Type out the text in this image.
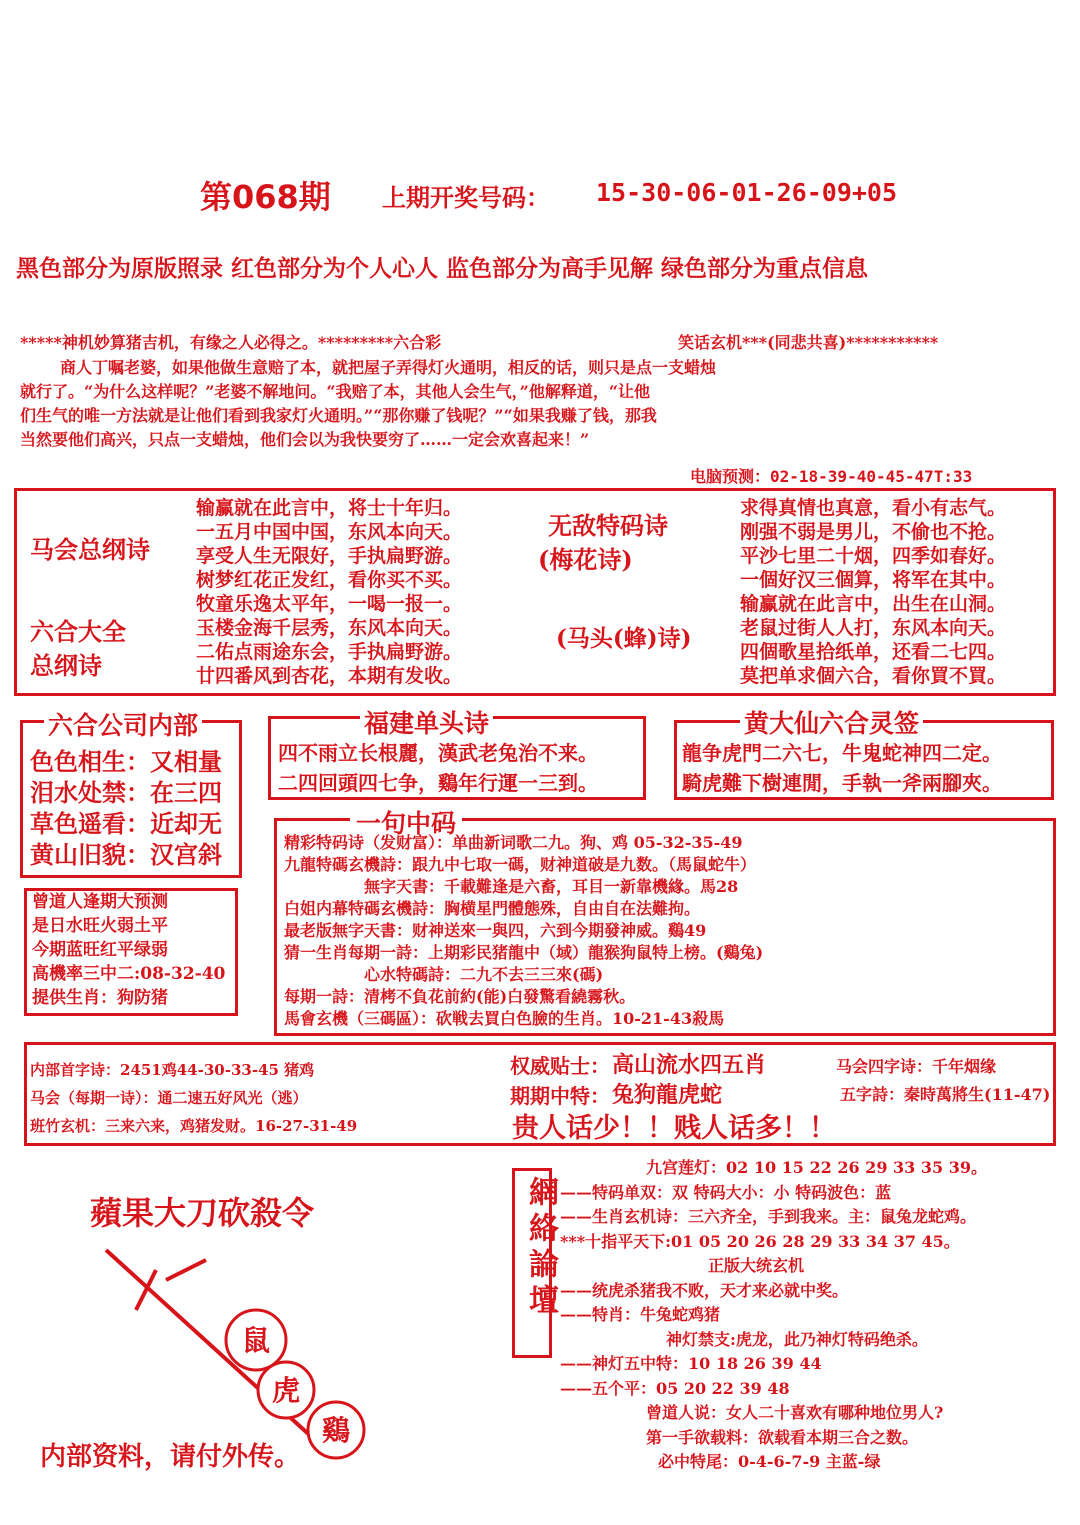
第068期 上期开奖号码： 15-30-06-01-26-09+05
黑色部分为原版照录 红色部分为个人心人 监色部分为高手见解 绿色部分为重点信息
*****神机妙算猪吉机，有缘之人必得之。*********六合彩	笑话玄机***(同悲共喜)***********
商人丁嘱老婆，如果他做生意赔了本，就把屋子弄得灯火通明，相反的话，则只是点一支蜡烛
就行了。“为什么这样呢？”老婆不解地问。“我赔了本，其他人会生气，”他解释道，“让他
们生气的唯一方法就是让他们看到我家灯火通明。”“那你赚了钱呢？”“如果我赚了钱，那我
当然要他们高兴，只点一支蜡烛，他们会以为我快要穷了……一定会欢喜起来！”
电脑预测：02-18-39-40-45-47T:33
马会总纲诗
六合大全
总纲诗
输赢就在此言中，将士十年归。
一五月中国中国，东风本向天。
享受人生无限好，手执扁野游。
树梦红花正发红，看你买不买。
牧童乐逸太平年，一喝一报一。
玉楼金海千层秀，东风本向天。
二佑点雨途东会，手执扁野游。
廿四番风到杏花，本期有发收。
无敌特码诗
(梅花诗)
(马头(蜂)诗)
求得真情也真意，看小有志气。
刚强不弱是男儿，不偷也不抢。
平沙七里二十烟，四季如春好。
一個好汉三個算，将军在其中。
输赢就在此言中，出生在山洞。
老鼠过街人人打，东风本向天。
四個歌星拾纸单，还看二七四。
莫把单求個六合，看你買不買。
六合公司内部
色色相生：又相量
泪水处禁：在三四
草色遥看：近却无
黄山旧貌：汉宫斜
福建单头诗
四不雨立长根麗，漢武老兔治不来。
二四回頭四七争，鷄年行運一三到。
黄大仙六合灵签
龍争虎門二六七，牛鬼蛇神四二定。
騎虎難下樹連閒，手執一斧兩腳夾。
曾道人逢期大预测
是日水旺火弱土平
今期蓝旺红平绿弱
高機率三中二:08-32-40
提供生肖：狗防猪
一句中码
精彩特码诗（发财富）：单曲新词歌二九。狗、鸡 05-32-35-49
九龍特碼玄機詩：跟九中七取一碼，财神道破是九数。（馬鼠蛇牛）
無字天書：千載難逢是六畜，耳目一新靠機緣。馬28
白姐内幕特碼玄機詩：胸横星門體態殊，自由自在法難拘。
最老版無字天書：财神送來一與四，六到今期發神威。鷄49
猜一生肖每期一詩：上期彩民猪龍中（域）龍猴狗鼠特上榜。(鷄兔)
心水特碼詩：二九不去三三來(碼)
每期一詩：清栲不負花前約(能)白發驚看繞霧秋。
馬會玄機（三碼區）：砍戦去買白色臉的生肖。10-21-43殺馬
内部首字诗：2451鸡44-30-33-45 猪鸡
马会（每期一诗）：通二速五好风光（逃）
班竹玄机：三来六来，鸡猪发财。16-27-31-49
权威贴士： 高山流水四五肖	马会四字诗：千年烟缘
期期中特： 兔狗龍虎蛇	五字詩：秦時萬將生(11-47)
贵人话少！！贱人话多！！
蘋果大刀砍殺令
鼠
虎
鷄
内部资料，请付外传。
網絡論壇
九宫莲灯：02 10 15 22 26 29 33 35 39。
——特码单双：双 特码大小：小 特码波色：蓝
——生肖玄机诗：三六齐全，手到我来。主：鼠兔龙蛇鸡。
***十指平天下:01 05 20 26 28 29 33 34 37 45。
正版大统玄机
——统虎杀猪我不败，天才来必就中奖。
——特肖：牛兔蛇鸡猪
神灯禁支:虎龙，此乃神灯特码绝杀。
——神灯五中特：10 18 26 39 44
——五个平：05 20 22 39 48
曾道人说：女人二十喜欢有哪种地位男人?
第一手欲载料：欲载看本期三合之数。
必中特尾：0-4-6-7-9 主蓝-绿
